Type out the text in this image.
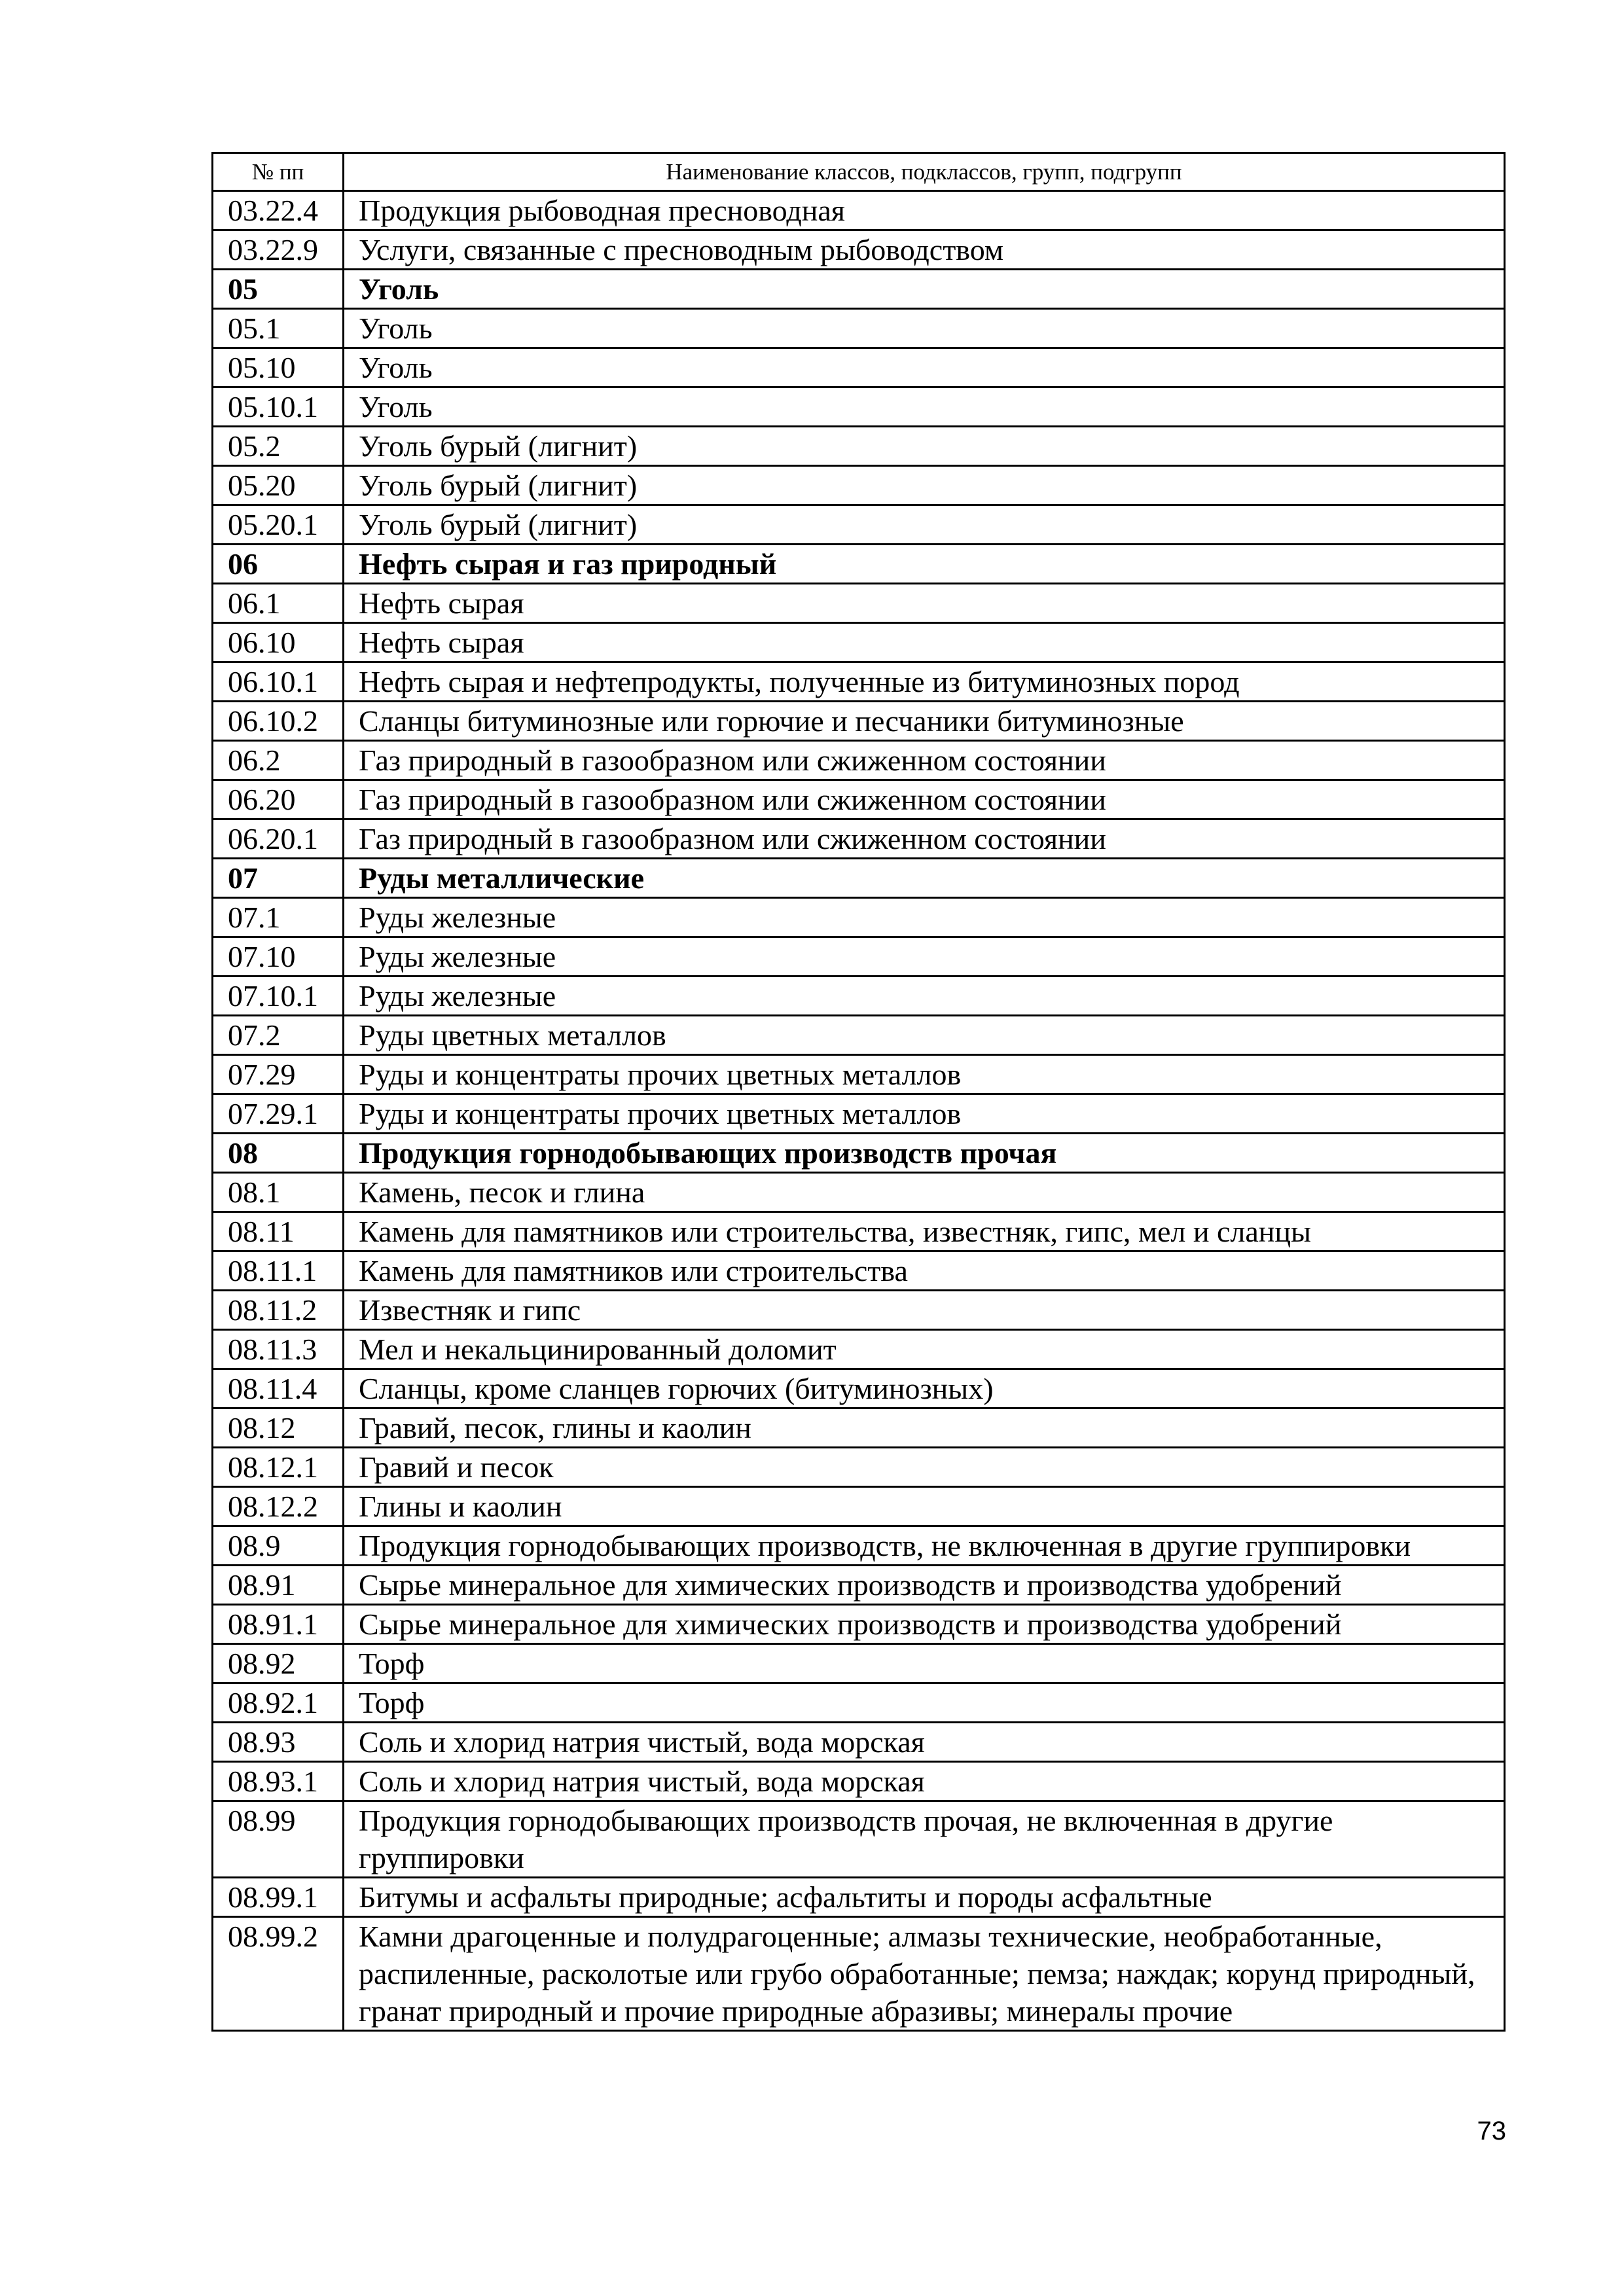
№ пп	Наименование классов, подклассов, групп, подгрупп
03.22.4	Продукция рыбоводная пресноводная
03.22.9	Услуги, связанные с пресноводным рыбоводством
05	Уголь
05.1	Уголь
05.10	Уголь
05.10.1	Уголь
05.2	Уголь бурый (лигнит)
05.20	Уголь бурый (лигнит)
05.20.1	Уголь бурый (лигнит)
06	Нефть сырая и газ природный
06.1	Нефть сырая
06.10	Нефть сырая
06.10.1	Нефть сырая и нефтепродукты, полученные из битуминозных пород
06.10.2	Сланцы битуминозные или горючие и песчаники битуминозные
06.2	Газ природный в газообразном или сжиженном состоянии
06.20	Газ природный в газообразном или сжиженном состоянии
06.20.1	Газ природный в газообразном или сжиженном состоянии
07	Руды металлические
07.1	Руды железные
07.10	Руды железные
07.10.1	Руды железные
07.2	Руды цветных металлов
07.29	Руды и концентраты прочих цветных металлов
07.29.1	Руды и концентраты прочих цветных металлов
08	Продукция горнодобывающих производств прочая
08.1	Камень, песок и глина
08.11	Камень для памятников или строительства, известняк, гипс, мел и сланцы
08.11.1	Камень для памятников или строительства
08.11.2	Известняк и гипс
08.11.3	Мел и некальцинированный доломит
08.11.4	Сланцы, кроме сланцев горючих (битуминозных)
08.12	Гравий, песок, глины и каолин
08.12.1	Гравий и песок
08.12.2	Глины и каолин
08.9	Продукция горнодобывающих производств, не включенная в другие группировки
08.91	Сырье минеральное для химических производств и производства удобрений
08.91.1	Сырье минеральное для химических производств и производства удобрений
08.92	Торф
08.92.1	Торф
08.93	Соль и хлорид натрия чистый, вода морская
08.93.1	Соль и хлорид натрия чистый, вода морская
08.99	Продукция горнодобывающих производств прочая, не включенная в другие группировки
08.99.1	Битумы и асфальты природные; асфальтиты и породы асфальтные
08.99.2	Камни драгоценные и полудрагоценные; алмазы технические, необработанные, распиленные, расколотые или грубо обработанные; пемза; наждак; корунд природный, гранат природный и прочие природные абразивы; минералы прочие
73
